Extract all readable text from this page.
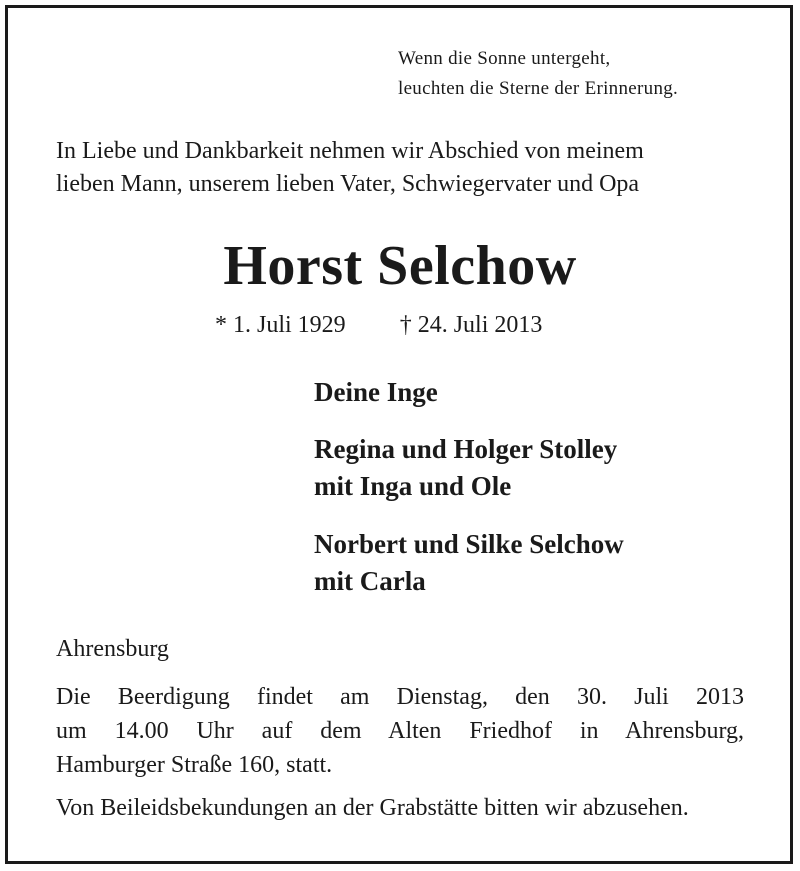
Wenn die Sonne untergeht,
leuchten die Sterne der Erinnerung.
In Liebe und Dankbarkeit nehmen wir Abschied von meinem
lieben Mann, unserem lieben Vater, Schwiegervater und Opa
Horst Selchow
* 1. Juli 1929 † 24. Juli 2013
Deine Inge
Regina und Holger Stolley
mit Inga und Ole
Norbert und Silke Selchow
mit Carla
Ahrensburg
Die Beerdigung findet am Dienstag, den 30. Juli 2013
um 14.00 Uhr auf dem Alten Friedhof in Ahrensburg,
Hamburger Straße 160, statt.
Von Beileidsbekundungen an der Grabstätte bitten wir abzusehen.
